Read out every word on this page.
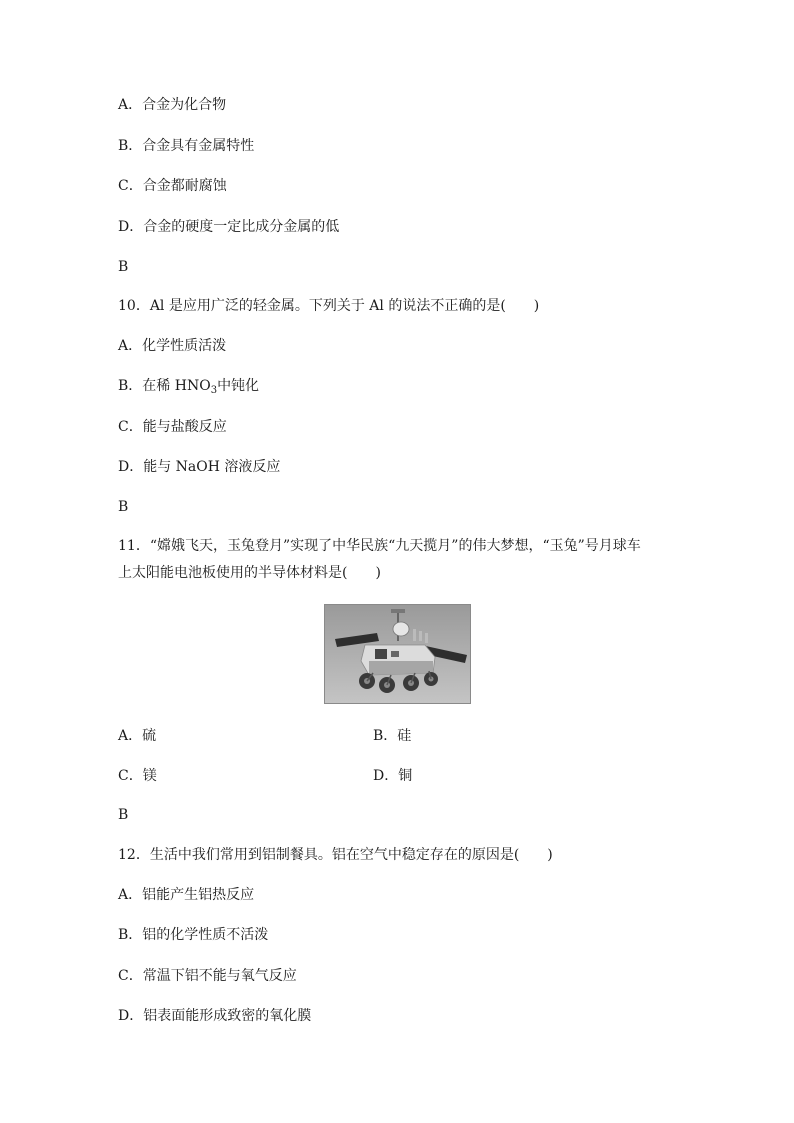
A．合金为化合物
B．合金具有金属特性
C．合金都耐腐蚀
D．合金的硬度一定比成分金属的低
B
10．Al 是应用广泛的轻金属。下列关于 Al 的说法不正确的是(　　)
A．化学性质活泼
B．在稀 $HNO_3$中钝化
C．能与盐酸反应
D．能与 NaOH 溶液反应
B
11．“嫦娥飞天，玉兔登月”实现了中华民族“九天揽月”的伟大梦想，“玉兔”号月球车
上太阳能电池板使用的半导体材料是(　　)
A．硫	B．硅
C．镁	D．铜
B
12．生活中我们常用到铝制餐具。铝在空气中稳定存在的原因是(　　)
A．铝能产生铝热反应
B．铝的化学性质不活泼
C．常温下铝不能与氧气反应
D．铝表面能形成致密的氧化膜
